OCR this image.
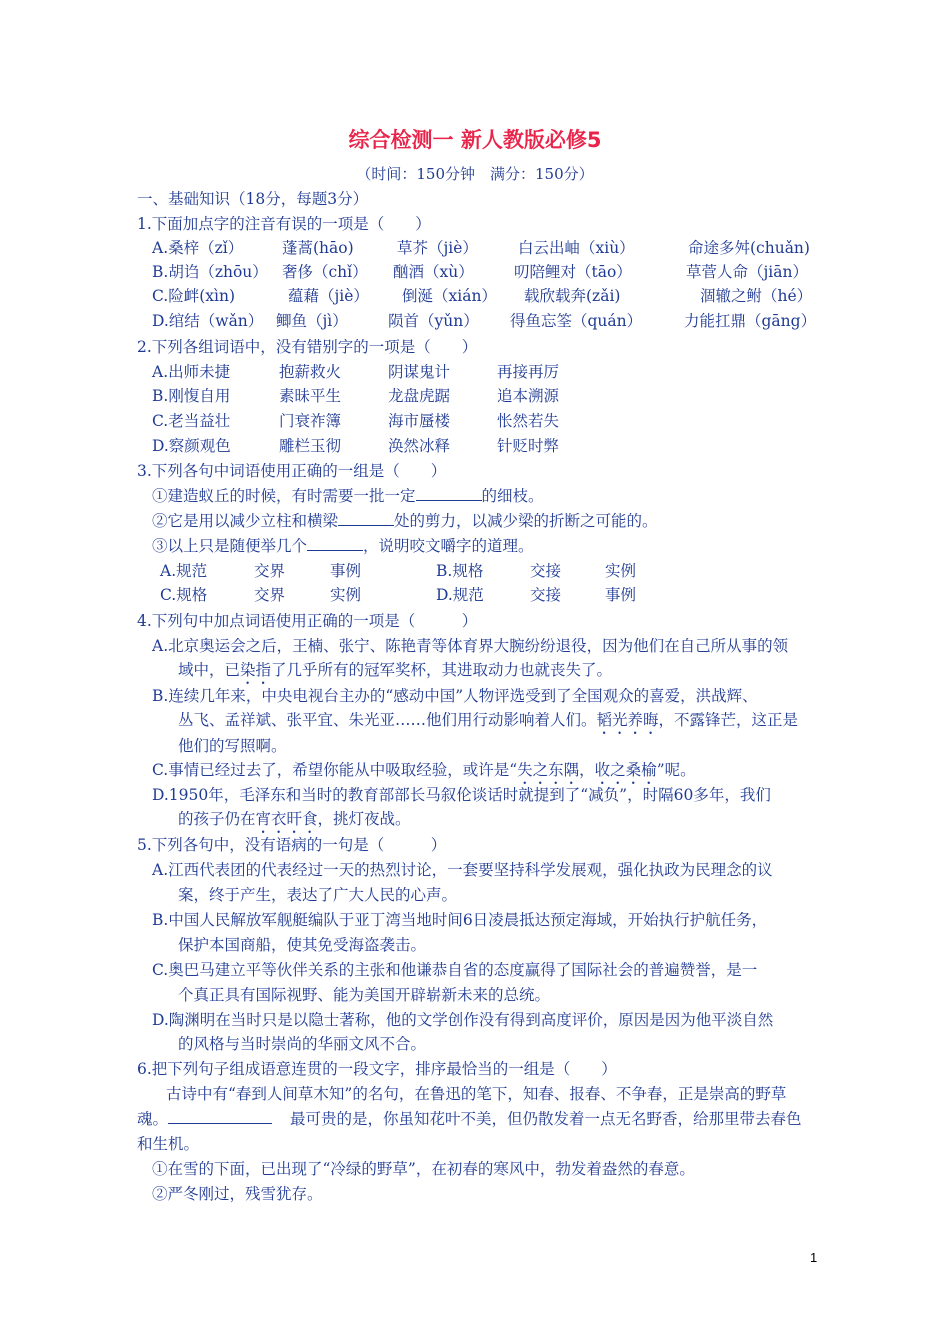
综合检测一 新人教版必修5
（时间：150分钟　满分：150分）
一、基础知识（18分，每题3分）
1.下面加点字的注音有误的一项是（　　）
A.桑梓（zǐ）	蓬蒿(hāo)	草芥（jiè）	白云出岫（xiù）	命途多舛(chuǎn)
B.胡诌（zhōu） 奢侈（chǐ） 酗酒（xù）	叨陪鲤对（tāo）	草菅人命（jiān）
C.险衅(xìn)	蕴藉（jiè） 倒涎（xián） 载欣载奔(zǎi)	涸辙之鲋（hé）
D.绾结（wǎn） 鲫鱼（jì）	陨首（yǔn） 得鱼忘筌（quán）	力能扛鼎（gāng）
2.下列各组词语中，没有错别字的一项是（　　）
A.出师未捷	抱薪救火	阴谋鬼计	再接再厉
B.刚愎自用	素昧平生	龙盘虎踞	追本溯源
C.老当益壮	门衰祚簿	海市蜃楼	怅然若失
D.察颜观色	雕栏玉彻	涣然冰释	针贬时弊
3.下列各句中词语使用正确的一组是（　　）
①建造蚁丘的时候，有时需要一批一定	的细枝。
②它是用以减少立柱和横梁	处的剪力，以减少梁的折断之可能的。
③以上只是随便举几个	，说明咬文嚼字的道理。
A.规范	交界	事例	B.规格	交接	实例
C.规格	交界	实例	D.规范	交接	事例
4.下列句中加点词语使用正确的一项是（　　　）
A.北京奥运会之后，王楠、张宁、陈艳青等体育界大腕纷纷退役，因为他们在自己所从事的领
域中，已染指了几乎所有的冠军奖杯，其进取动力也就丧失了。
B.连续几年来，中央电视台主办的“感动中国”人物评选受到了全国观众的喜爱，洪战辉、
丛飞、孟祥斌、张平宜、朱光亚……他们用行动影响着人们。韬光养晦，不露锋芒，这正是
他们的写照啊。
C.事情已经过去了，希望你能从中吸取经验，或许是“失之东隅，收之桑榆”呢。
D.1950年，毛泽东和当时的教育部部长马叙伦谈话时就提到了“减负”，时隔60多年，我们
的孩子仍在宵衣旰食，挑灯夜战。
5.下列各句中，没有语病的一句是（　　　）
A.江西代表团的代表经过一天的热烈讨论，一套要坚持科学发展观，强化执政为民理念的议
案，终于产生，表达了广大人民的心声。
B.中国人民解放军舰艇编队于亚丁湾当地时间6日凌晨抵达预定海域，开始执行护航任务，
保护本国商船，使其免受海盗袭击。
C.奥巴马建立平等伙伴关系的主张和他谦恭自省的态度赢得了国际社会的普遍赞誉，是一
个真正具有国际视野、能为美国开辟崭新未来的总统。
D.陶渊明在当时只是以隐士著称，他的文学创作没有得到高度评价，原因是因为他平淡自然
的风格与当时崇尚的华丽文风不合。
6.把下列句子组成语意连贯的一段文字，排序最恰当的一组是（　　）
古诗中有“春到人间草木知”的名句，在鲁迅的笔下，知春、报春、不争春，正是崇高的野草
魂。	最可贵的是，你虽知花叶不美，但仍散发着一点无名野香，给那里带去春色
和生机。
①在雪的下面，已出现了“冷绿的野草”，在初春的寒风中，勃发着盎然的春意。
②严冬刚过，残雪犹存。
1
